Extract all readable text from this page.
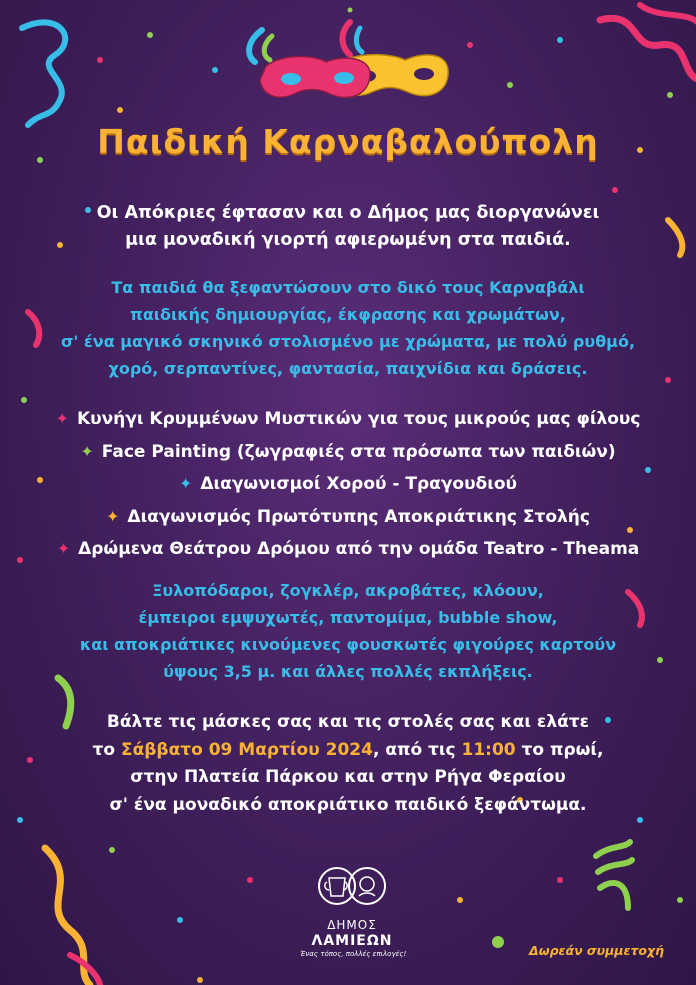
Παιδική Καρναβαλούπολη
Οι Απόκριες έφτασαν και ο Δήμος μας διοργανώνει
μια μοναδική γιορτή αφιερωμένη στα παιδιά.
Τα παιδιά θα ξεφαντώσουν στο δικό τους Καρναβάλι
παιδικής δημιουργίας, έκφρασης και χρωμάτων,
σ' ένα μαγικό σκηνικό στολισμένο με χρώματα, με πολύ ρυθμό,
χορό, σερπαντίνες, φαντασία, παιχνίδια και δράσεις.
✦ Κυνήγι Κρυμμένων Μυστικών για τους μικρούς μας φίλους
✦ Face Painting (ζωγραφιές στα πρόσωπα των παιδιών)
✦ Διαγωνισμοί Χορού - Τραγουδιού
✦ Διαγωνισμός Πρωτότυπης Αποκριάτικης Στολής
✦ Δρώμενα Θεάτρου Δρόμου από την ομάδα Teatro - Theama
Ξυλοπόδαροι, ζογκλέρ, ακροβάτες, κλόουν,
έμπειροι εμψυχωτές, παντομίμα, bubble show,
και αποκριάτικες κινούμενες φουσκωτές φιγούρες καρτούν
ύψους 3,5 μ. και άλλες πολλές εκπλήξεις.
Βάλτε τις μάσκες σας και τις στολές σας και ελάτε
το Σάββατο 09 Μαρτίου 2024, από τις 11:00 το πρωί,
στην Πλατεία Πάρκου και στην Ρήγα Φεραίου
σ' ένα μοναδικό αποκριάτικο παιδικό ξεφάντωμα.
ΔΗΜΟΣ
ΛΑΜΙΕΩΝ
Ένας τόπος, πολλές επιλογές!	Δωρεάν συμμετοχή
